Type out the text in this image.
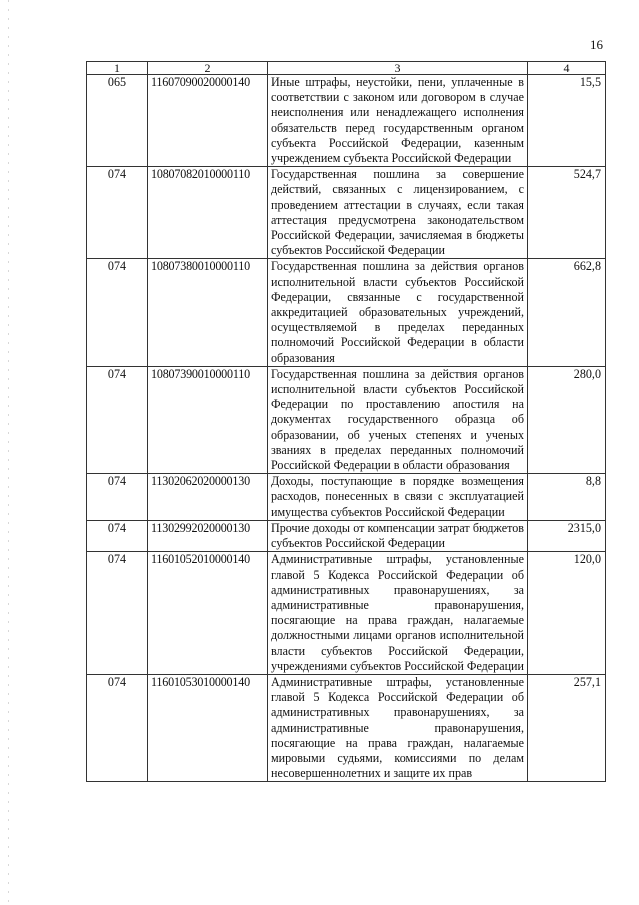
16
1	2	3	4
065	11607090020000140	Иные штрафы, неустойки, пени, уплаченные в соответствии с законом или договором в случае неисполнения или ненадлежащего исполнения обязательств перед государственным органом субъекта Российской Федерации, казенным учреждением субъекта Российской Федерации	15,5
074	10807082010000110	Государственная пошлина за совершение действий, связанных с лицензированием, с проведением аттестации в случаях, если такая аттестация предусмотрена законодательством Российской Федерации, зачисляемая в бюджеты субъектов Российской Федерации	524,7
074	10807380010000110	Государственная пошлина за действия органов исполнительной власти субъектов Российской Федерации, связанные с государственной аккредитацией образовательных учреждений, осуществляемой в пределах переданных полномочий Российской Федерации в области образования	662,8
074	10807390010000110	Государственная пошлина за действия органов исполнительной власти субъектов Российской Федерации по проставлению апостиля на документах государственного образца об образовании, об ученых степенях и ученых званиях в пределах переданных полномочий Российской Федерации в области образования	280,0
074	11302062020000130	Доходы, поступающие в порядке возмещения расходов, понесенных в связи с эксплуатацией имущества субъектов Российской Федерации	8,8
074	11302992020000130	Прочие доходы от компенсации затрат бюджетов субъектов Российской Федерации	2315,0
074	11601052010000140	Административные штрафы, установленные главой 5 Кодекса Российской Федерации об административных правонарушениях, за административные правонарушения, посягающие на права граждан, налагаемые должностными лицами органов исполнительной власти субъектов Российской Федерации, учреждениями субъектов Российской Федерации	120,0
074	11601053010000140	Административные штрафы, установленные главой 5 Кодекса Российской Федерации об административных правонарушениях, за административные правонарушения, посягающие на права граждан, налагаемые мировыми судьями, комиссиями по делам несовершеннолетних и защите их прав	257,1
